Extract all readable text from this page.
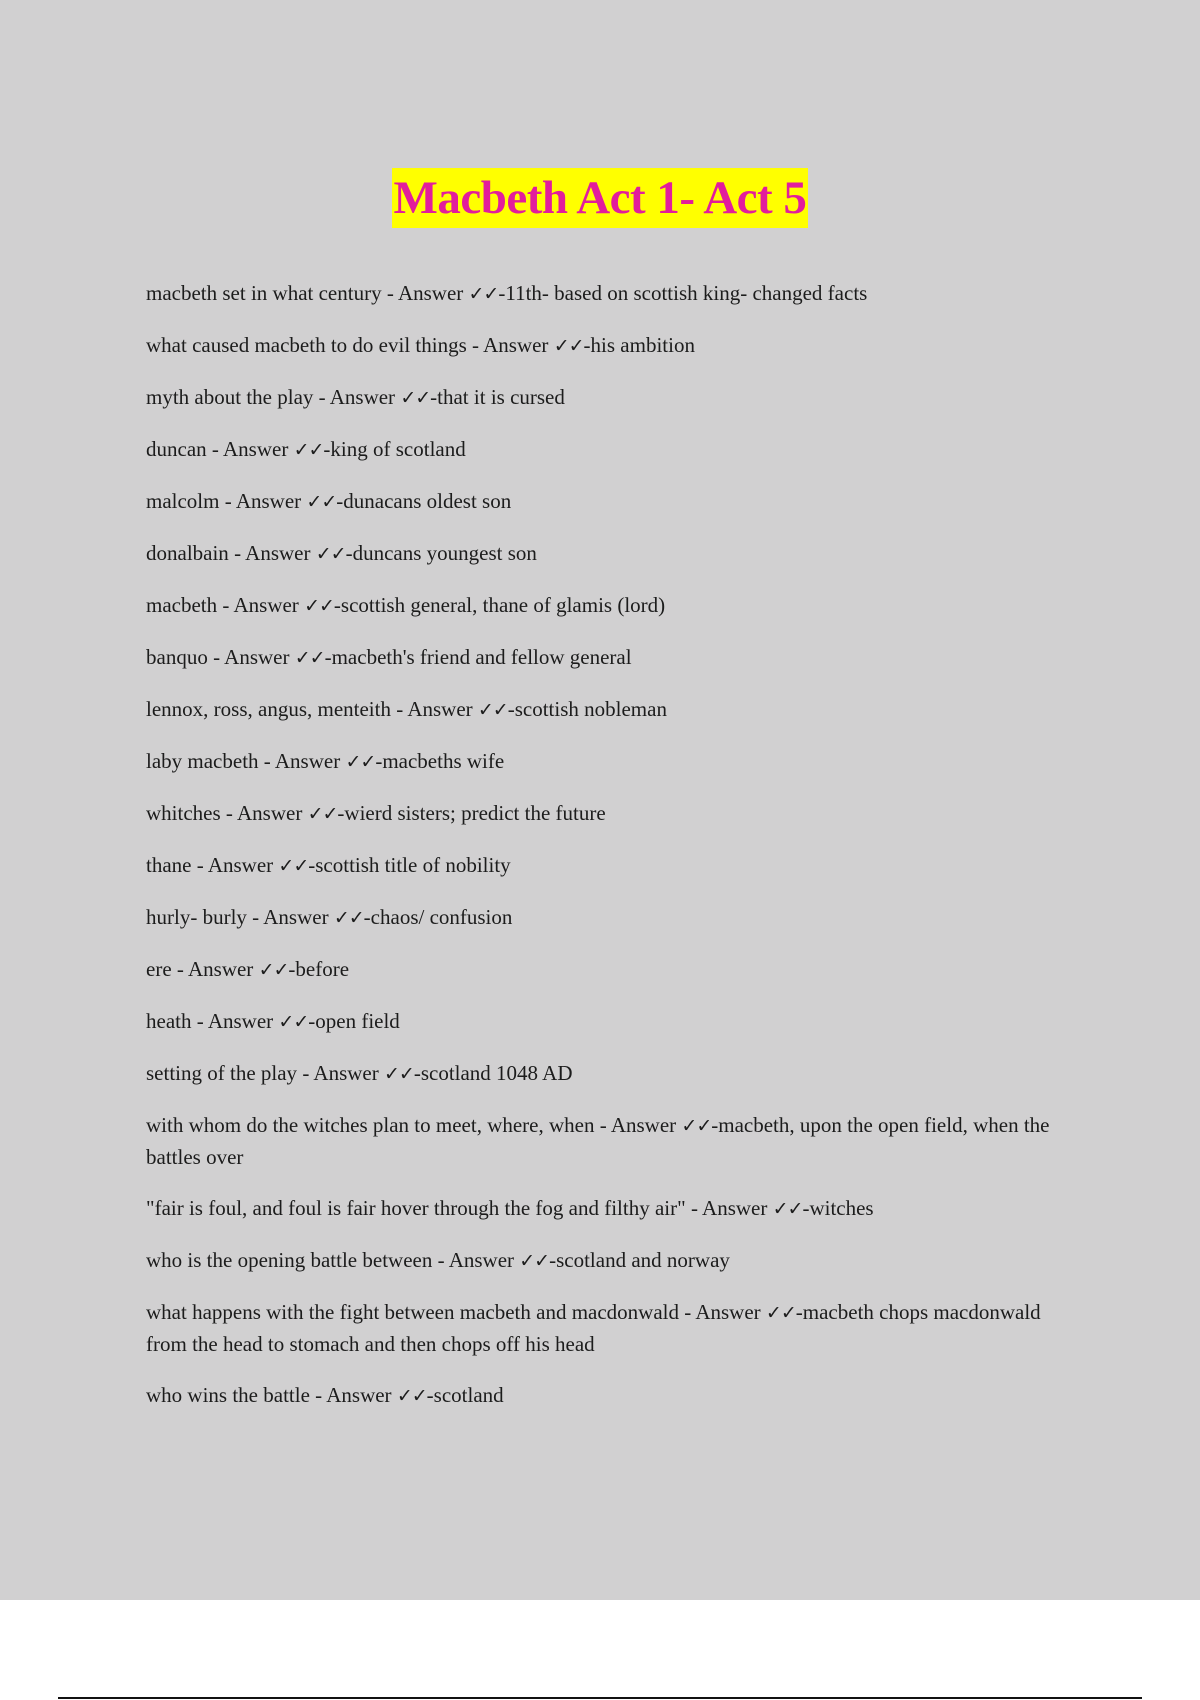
Macbeth Act 1- Act 5
macbeth set in what century - Answer ✓✓-11th- based on scottish king- changed facts
what caused macbeth to do evil things - Answer ✓✓-his ambition
myth about the play - Answer ✓✓-that it is cursed
duncan - Answer ✓✓-king of scotland
malcolm - Answer ✓✓-dunacans oldest son
donalbain - Answer ✓✓-duncans youngest son
macbeth - Answer ✓✓-scottish general, thane of glamis (lord)
banquo - Answer ✓✓-macbeth's friend and fellow general
lennox, ross, angus, menteith - Answer ✓✓-scottish nobleman
laby macbeth - Answer ✓✓-macbeths wife
whitches - Answer ✓✓-wierd sisters; predict the future
thane - Answer ✓✓-scottish title of nobility
hurly- burly - Answer ✓✓-chaos/ confusion
ere - Answer ✓✓-before
heath - Answer ✓✓-open field
setting of the play - Answer ✓✓-scotland 1048 AD
with whom do the witches plan to meet, where, when - Answer ✓✓-macbeth, upon the open field, when the battles over
"fair is foul, and foul is fair hover through the fog and filthy air" - Answer ✓✓-witches
who is the opening battle between - Answer ✓✓-scotland and norway
what happens with the fight between macbeth and macdonwald - Answer ✓✓-macbeth chops macdonwald from the head to stomach and then chops off his head
who wins the battle - Answer ✓✓-scotland
